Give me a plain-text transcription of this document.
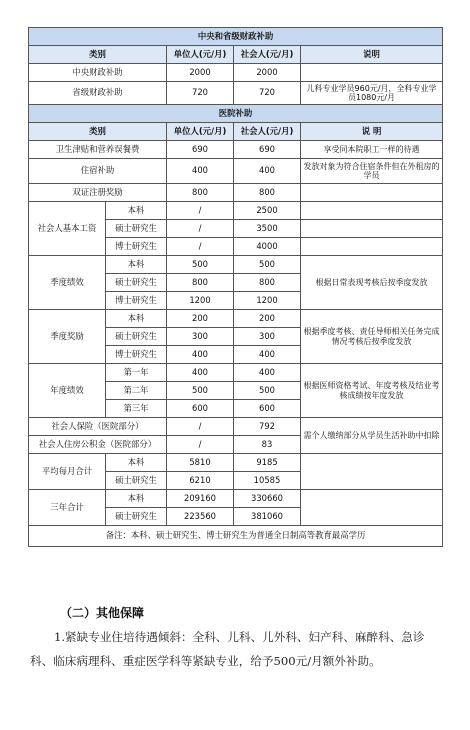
中央和省级财政补助				
类别		单位人(元/月)	社会人(元/月)	说明
中央财政补助		2000	2000	
省级财政补助		720	720	儿科专业学员960元/月，全科专业学员1080元/月
医院补助				
类别		单位人(元/月)	社会人(元/月)	说 明
卫生津贴和营养误餐费		690	690	享受同本院职工一样的待遇
住宿补助		400	400	发放对象为符合住宿条件但在外租房的学员
双证注册奖励		800	800	
社会人基本工资	本科	/	2500	
	硕士研究生	/	3500	
	博士研究生	/	4000	
季度绩效	本科	500	500	根据日常表现考核后按季度发放
	硕士研究生	800	800	
	博士研究生	1200	1200	
季度奖励	本科	200	200	根据季度考核、责任导师相关任务完成情况考核后按季度发放
	硕士研究生	300	300	
	博士研究生	400	400	
年度绩效	第一年	400	400	根据医师资格考试、年度考核及结业考核成绩按年度发放
	第二年	500	500	
	第三年	600	600	
社会人保险（医院部分）		/	792	需个人缴纳部分从学员生活补助中扣除
社会人住房公积金（医院部分）		/	83	
平均每月合计	本科	5810	9185	
	硕士研究生	6210	10585	
三年合计	本科	209160	330660	
	硕士研究生	223560	381060	
备注：本科、硕士研究生、博士研究生为普通全日制高等教育最高学历				
（二）其他保障
1.紧缺专业住培待遇倾斜：全科、儿科、儿外科、妇产科、麻醉科、急诊科、临床病理科、重症医学科等紧缺专业，给予500元/月额外补助。
